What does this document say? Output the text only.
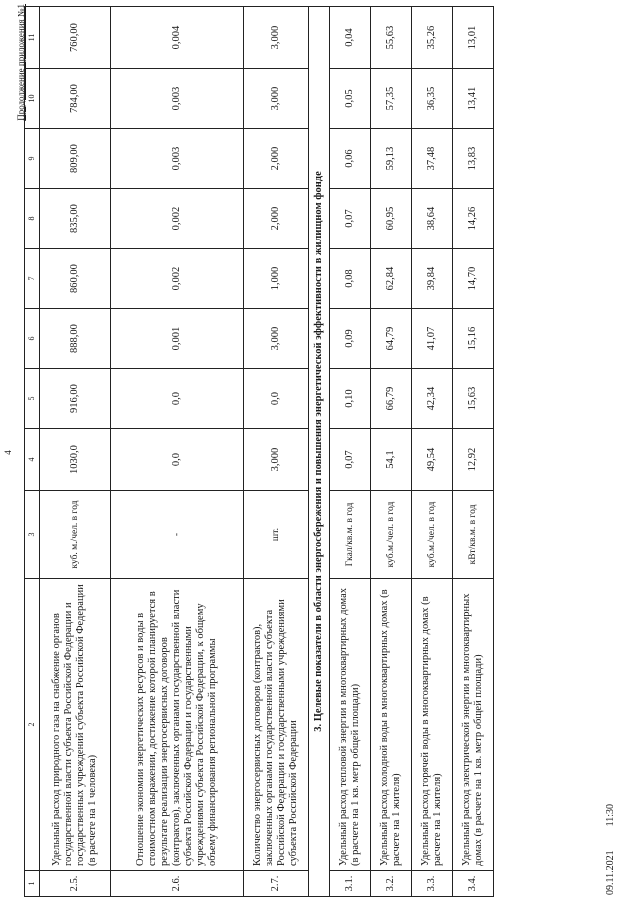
4
Продолжение приложения №1
1	2	3	4	5	6	7	8	9	10	11
2.5.	Удельный расход природного газа на снабжение органов государственной власти субъекта Российской Федерации и государственных учреждений субъекта Российской Федерации (в расчете на 1 человека)	куб. м./чел. в год	1030,0	916,00	888,00	860,00	835,00	809,00	784,00	760,00
2.6.	Отношение экономии энергетических ресурсов и воды в стоимостном выражении, достижение которой планируется в результате реализации энергосервисных договоров (контрактов), заключенных органами государственной власти субъекта Российской Федерации и государственными учреждениями субъекта Российской Федерации, к общему объему финансирования региональной программы	-	0,0	0,0	0,001	0,002	0,002	0,003	0,003	0,004
2.7.	Количество энергосервисных договоров (контрактов), заключенных органами государственной власти субъекта Российской Федерации и государственными учреждениями субъекта Российской Федерации	шт.	3,000	0,0	3,000	1,000	2,000	2,000	3,000	3,000
3. Целевые показатели в области энергосбережения и повышения энергетической эффективности в жилищном фонде										
3.1.	Удельный расход тепловой энергии в многоквартирных домах (в расчете на 1 кв. метр общей площади)	Гкал/кв.м. в год	0,07	0,10	0,09	0,08	0,07	0,06	0,05	0,04
3.2.	Удельный расход холодной воды в многоквартирных домах (в расчете на 1 жителя)	куб.м./чел. в год	54,1	66,79	64,79	62,84	60,95	59,13	57,35	55,63
3.3.	Удельный расход горячей воды в многоквартирных домах (в расчете на 1 жителя)	куб.м./чел. в год	49,54	42,34	41,07	39,84	38,64	37,48	36,35	35,26
3.4.	Удельный расход электрической энергии в многоквартирных домах (в расчете на 1 кв. метр общей площади)	кВт/кв.м. в год	12,92	15,63	15,16	14,70	14,26	13,83	13,41	13,01
09.11.202111:30
